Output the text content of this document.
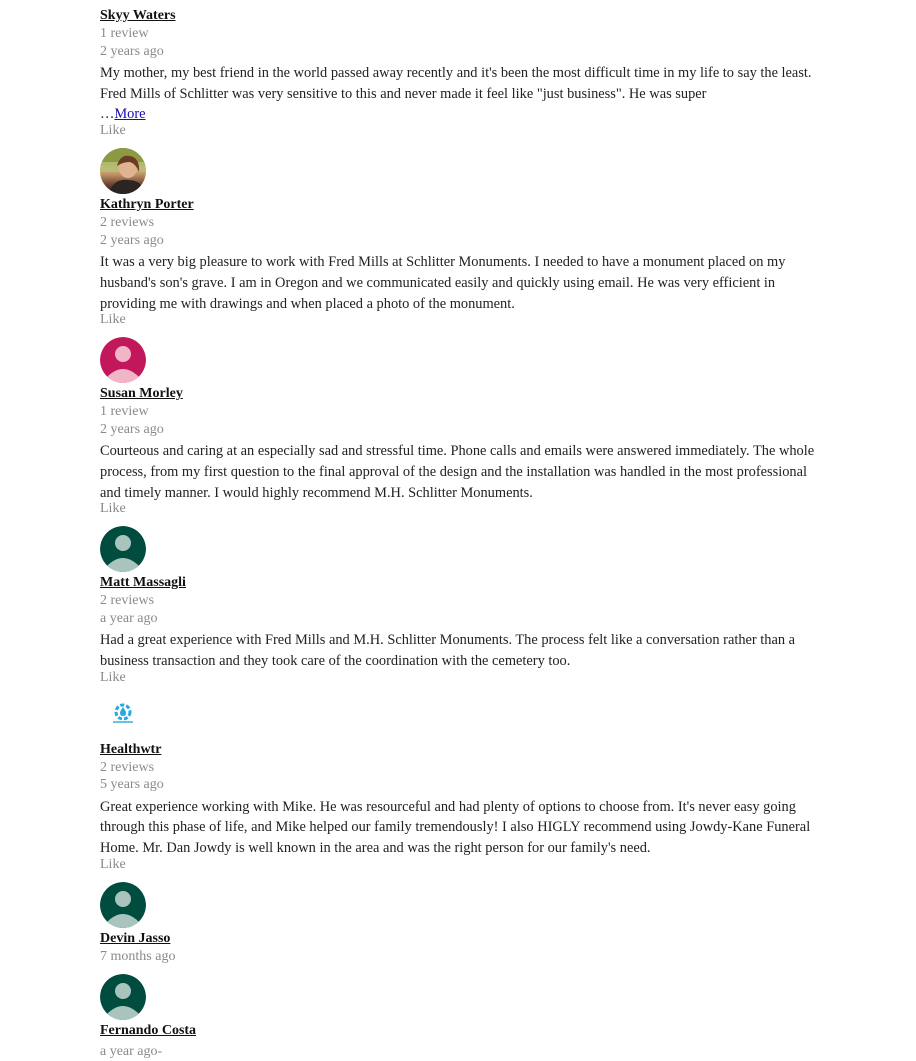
Skyy Waters
1 review
2 years ago

My mother, my best friend in the world passed away recently and it's been the most difficult time in my life to say the least. Fred Mills of Schlitter was very sensitive to this and never made it feel like "just business". He was super
…More

Like
Kathryn Porter
2 reviews
2 years ago

It was a very big pleasure to work with Fred Mills at Schlitter Monuments. I needed to have a monument placed on my husband's son's grave. I am in Oregon and we communicated easily and quickly using email. He was very efficient in providing me with drawings and when placed a photo of the monument.

Like
Susan Morley
1 review
2 years ago

Courteous and caring at an especially sad and stressful time. Phone calls and emails were answered immediately. The whole process, from my first question to the final approval of the design and the installation was handled in the most professional and timely manner. I would highly recommend M.H. Schlitter Monuments.

Like
Matt Massagli
2 reviews
a year ago

Had a great experience with Fred Mills and M.H. Schlitter Monuments. The process felt like a conversation rather than a business transaction and they took care of the coordination with the cemetery too.

Like
Healthwtr
2 reviews
5 years ago

Great experience working with Mike. He was resourceful and had plenty of options to choose from. It's never easy going through this phase of life, and Mike helped our family tremendously! I also HIGLY recommend using Jowdy-Kane Funeral Home. Mr. Dan Jowdy is well known in the area and was the right person for our family's need.

Like
Devin Jasso
7 months ago
Fernando Costa
a year ago-
